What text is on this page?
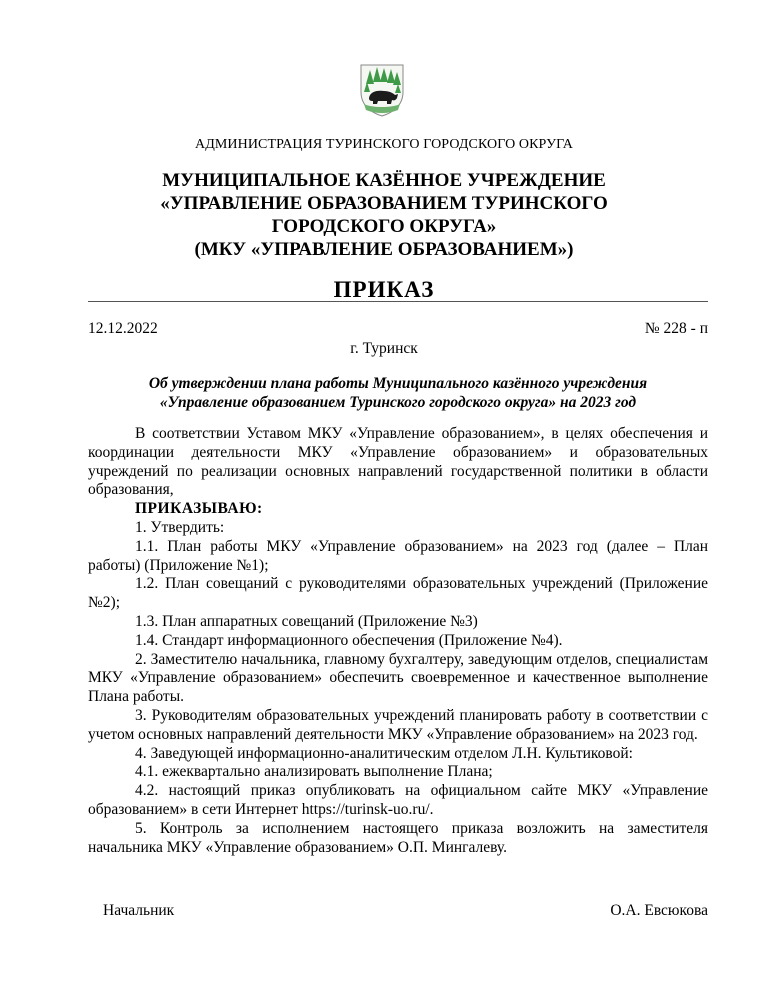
АДМИНИСТРАЦИЯ ТУРИНСКОГО ГОРОДСКОГО ОКРУГА
МУНИЦИПАЛЬНОЕ КАЗЁННОЕ УЧРЕЖДЕНИЕ
«УПРАВЛЕНИЕ ОБРАЗОВАНИЕМ ТУРИНСКОГО
ГОРОДСКОГО ОКРУГА»
(МКУ «УПРАВЛЕНИЕ ОБРАЗОВАНИЕМ»)
ПРИКАЗ
12.12.2022	№ 228 - п
г. Туринск
Об утверждении плана работы Муниципального казённого учреждения
«Управление образованием Туринского городского округа» на 2023 год

В соответствии Уставом МКУ «Управление образованием», в целях обеспечения и координации деятельности МКУ «Управление образованием» и образовательных учреждений по реализации основных направлений государственной политики в области образования,

ПРИКАЗЫВАЮ:

1. Утвердить:

1.1. План работы МКУ «Управление образованием» на 2023 год (далее – План работы) (Приложение №1);

1.2. План совещаний с руководителями образовательных учреждений (Приложение №2);

1.3. План аппаратных совещаний (Приложение №3)

1.4. Стандарт информационного обеспечения (Приложение №4).

2. Заместителю начальника, главному бухгалтеру, заведующим отделов, специалистам МКУ «Управление образованием» обеспечить своевременное и качественное выполнение Плана работы.

3. Руководителям образовательных учреждений планировать работу в соответствии с учетом основных направлений деятельности МКУ «Управление образованием» на 2023 год.

4. Заведующей информационно-аналитическим отделом Л.Н. Культиковой:

4.1. ежеквартально анализировать выполнение Плана;

4.2. настоящий приказ опубликовать на официальном сайте МКУ «Управление образованием» в сети Интернет https://turinsk-uo.ru/.

5. Контроль за исполнением настоящего приказа возложить на заместителя начальника МКУ «Управление образованием» О.П. Мингалеву.

Начальник	О.А. Евсюкова
